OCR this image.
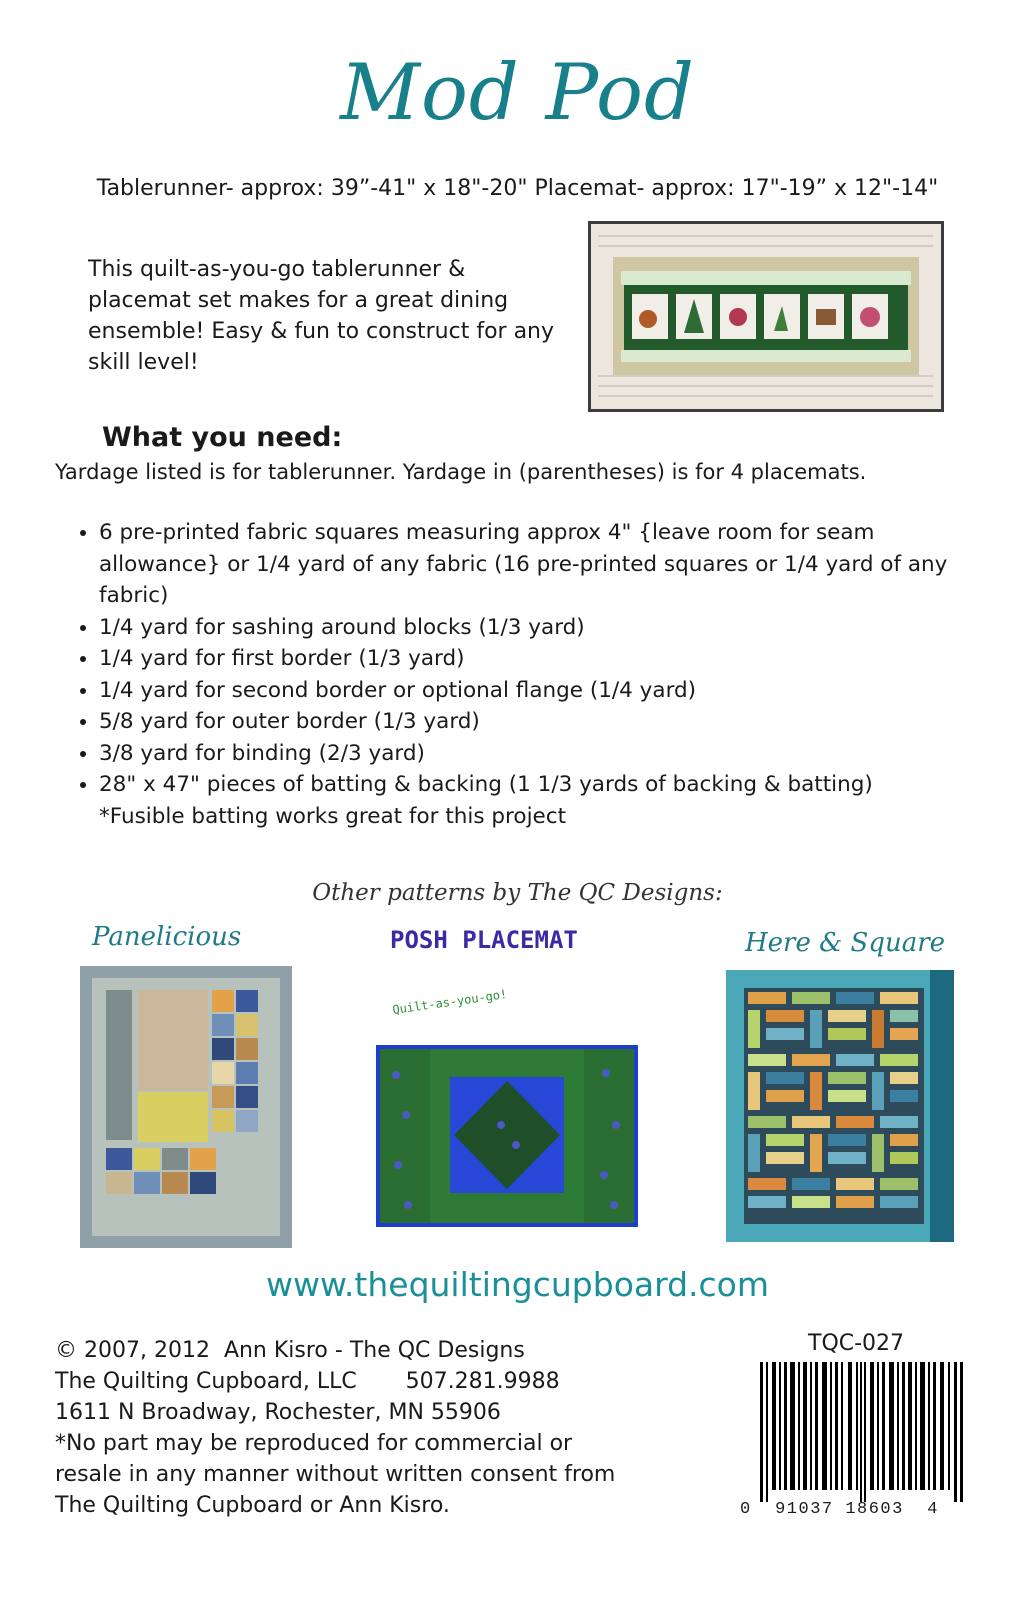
Mod Pod
Tablerunner- approx: 39”-41" x 18"-20" Placemat- approx: 17"-19” x 12"-14"
This quilt-as-you-go tablerunner & placemat set makes for a great dining ensemble! Easy & fun to construct for any skill level!
What you need:
Yardage listed is for tablerunner. Yardage in (parentheses) is for 4 placemats.
• 6 pre-printed fabric squares measuring approx 4" {leave room for seam allowance} or 1/4 yard of any fabric (16 pre-printed squares or 1/4 yard of any fabric)
• 1/4 yard for sashing around blocks (1/3 yard)
• 1/4 yard for first border (1/3 yard)
• 1/4 yard for second border or optional flange (1/4 yard)
• 5/8 yard for outer border (1/3 yard)
• 3/8 yard for binding (2/3 yard)
• 28" x 47" pieces of batting & backing (1 1/3 yards of backing & batting)
*Fusible batting works great for this project
Other patterns by The QC Designs:
Panelicious	POSH PLACEMAT
Quilt-as-you-go!
Here & Square
www.thequiltingcupboard.com
© 2007, 2012  Ann Kisro - The QC Designs
The Quilting Cupboard, LLC       507.281.9988
1611 N Broadway, Rochester, MN 55906
*No part may be reproduced for commercial or
resale in any manner without written consent from
The Quilting Cupboard or Ann Kisro.
TQC-027
0  91037 18603  4
